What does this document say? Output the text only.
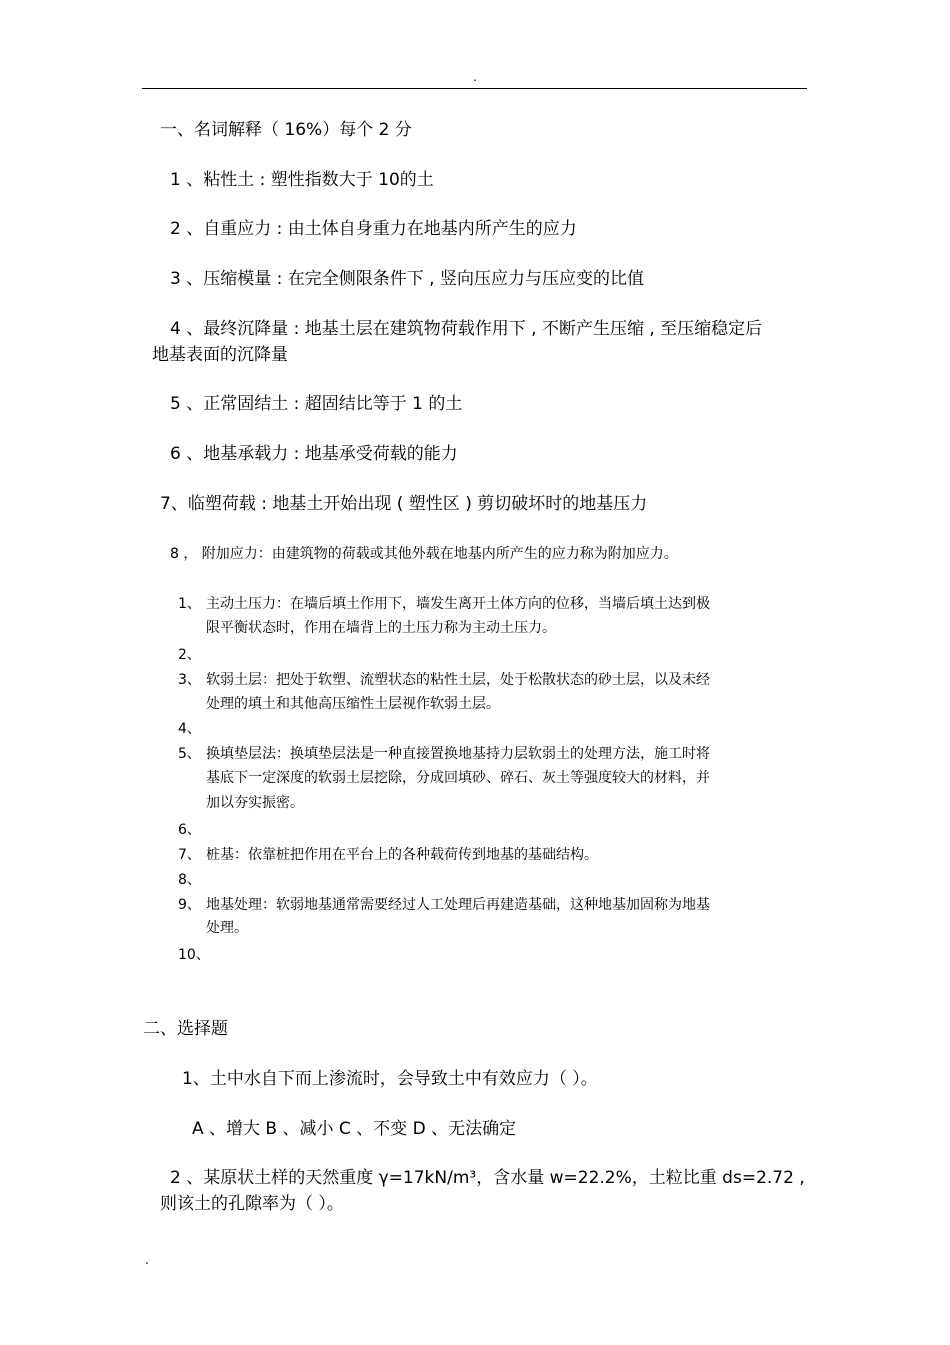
.
一、名词解释（ 16%）每个 2 分
1 、粘性土 : 塑性指数大于 10的土
2 、自重应力 : 由土体自身重力在地基内所产生的应力
3 、压缩模量 : 在完全侧限条件下 , 竖向压应力与压应变的比值
4 、最终沉降量 : 地基土层在建筑物荷载作用下 , 不断产生压缩 , 至压缩稳定后
地基表面的沉降量
5 、正常固结土 : 超固结比等于 1 的土
6 、地基承载力 : 地基承受荷载的能力
7、临塑荷载 : 地基土开始出现 ( 塑性区 ) 剪切破坏时的地基压力
8 ， 附加应力：由建筑物的荷载或其他外载在地基内所产生的应力称为附加应力。
1、 主动土压力：在墙后填土作用下，墙发生离开土体方向的位移，当墙后填土达到极
限平衡状态时，作用在墙背上的土压力称为主动土压力。
2、
3、 软弱土层：把处于软塑、流塑状态的粘性土层，处于松散状态的砂土层，以及未经
处理的填土和其他高压缩性土层视作软弱土层。
4、
5、 换填垫层法：换填垫层法是一种直接置换地基持力层软弱土的处理方法，施工时将
基底下一定深度的软弱土层挖除，分成回填砂、碎石、灰土等强度较大的材料，并
加以夯实振密。
6、
7、 桩基：依靠桩把作用在平台上的各种载荷传到地基的基础结构。
8、
9、 地基处理：软弱地基通常需要经过人工处理后再建造基础，这种地基加固称为地基
处理。
10、
二、选择题
1、土中水自下而上渗流时，会导致土中有效应力（ ）。
A 、增大 B 、减小 C 、不变 D 、无法确定
2 、某原状土样的天然重度 γ=17kN/m³，含水量 w=22.2%，土粒比重 ds=2.72 ,
则该土的孔隙率为（ ）。
.
